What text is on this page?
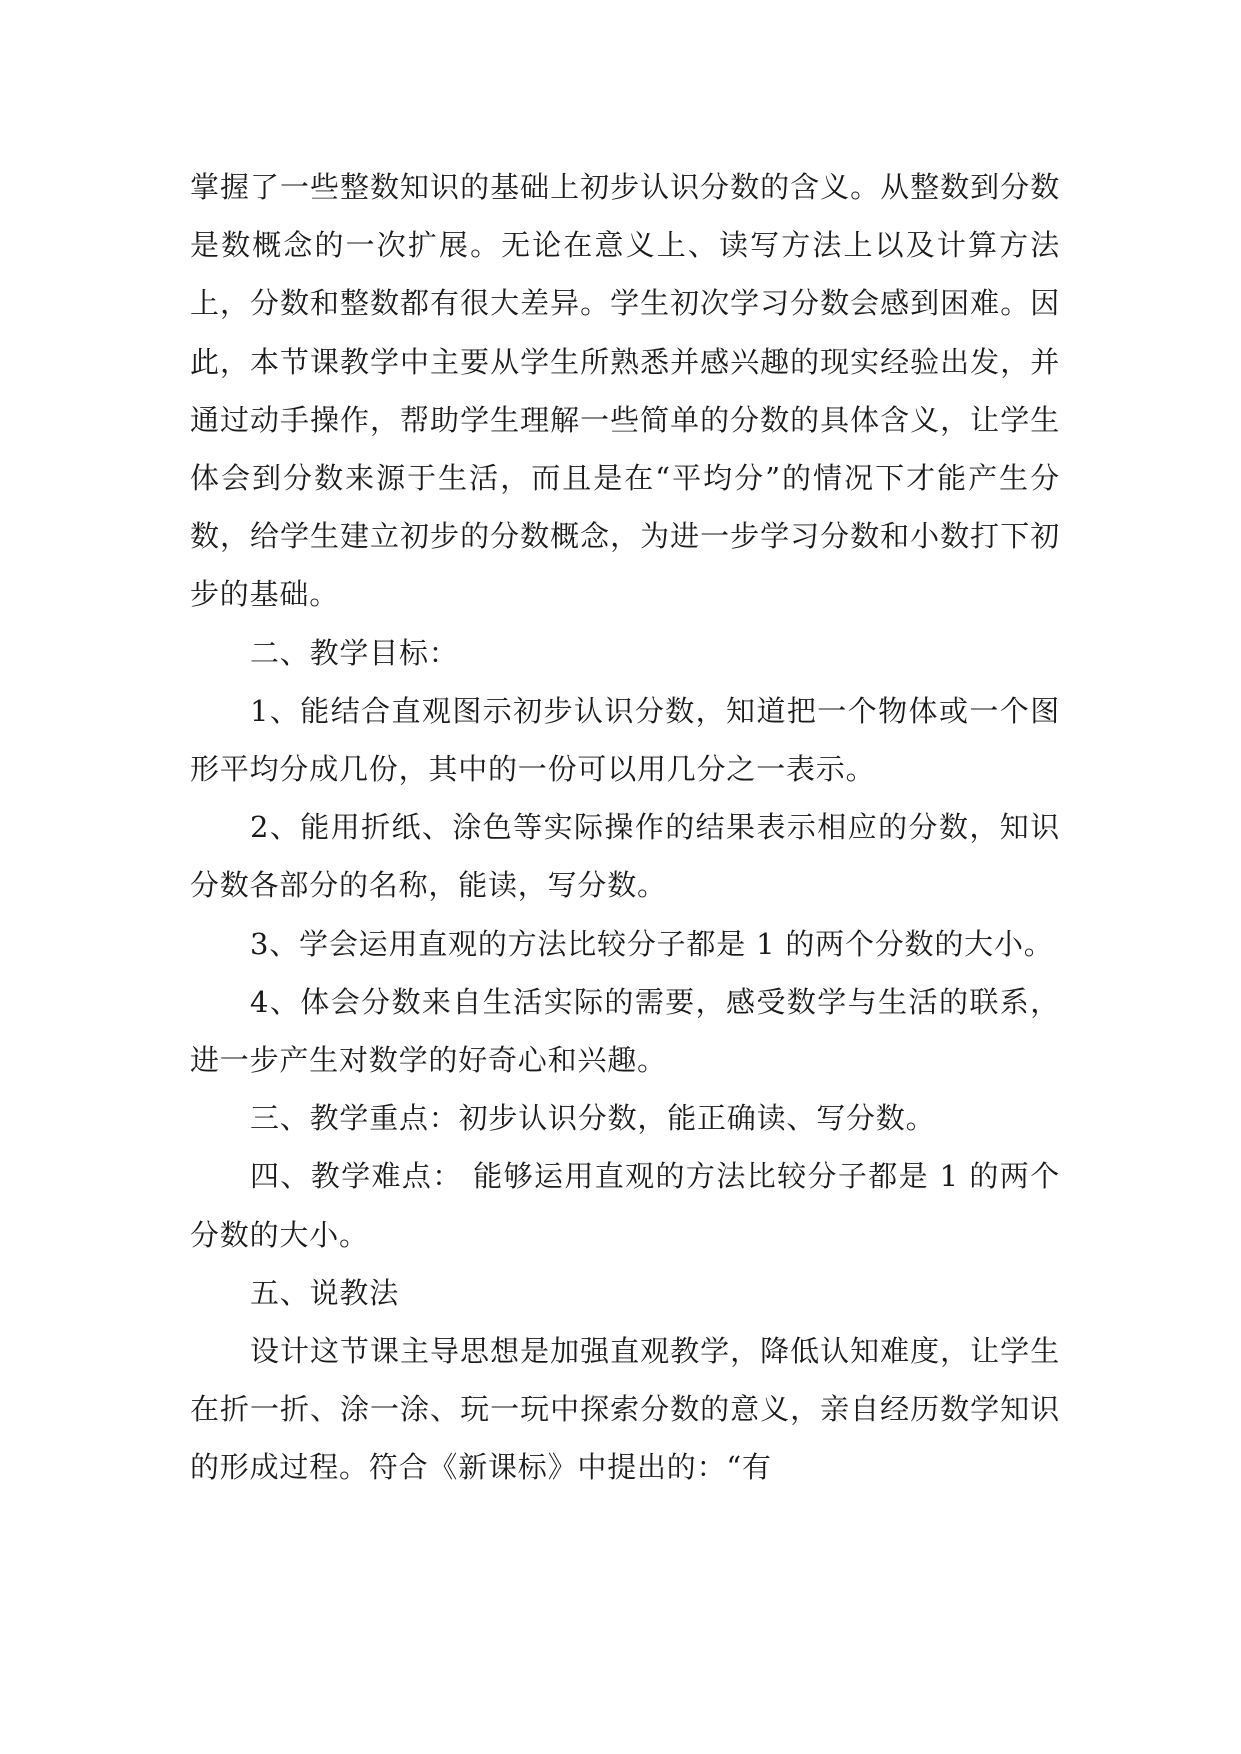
掌握了一些整数知识的基础上初步认识分数的含义。从整数到分数是数概念的一次扩展。无论在意义上、读写方法上以及计算方法上，分数和整数都有很大差异。学生初次学习分数会感到困难。因此，本节课教学中主要从学生所熟悉并感兴趣的现实经验出发，并通过动手操作，帮助学生理解一些简单的分数的具体含义，让学生体会到分数来源于生活，而且是在“平均分”的情况下才能产生分数，给学生建立初步的分数概念，为进一步学习分数和小数打下初步的基础。

二、教学目标：

1、能结合直观图示初步认识分数，知道把一个物体或一个图形平均分成几份，其中的一份可以用几分之一表示。

2、能用折纸、涂色等实际操作的结果表示相应的分数，知识分数各部分的名称，能读，写分数。

3、学会运用直观的方法比较分子都是 1 的两个分数的大小。

4、体会分数来自生活实际的需要，感受数学与生活的联系，进一步产生对数学的好奇心和兴趣。

三、教学重点：初步认识分数，能正确读、写分数。

四、教学难点： 能够运用直观的方法比较分子都是 1 的两个分数的大小。

五、说教法

设计这节课主导思想是加强直观教学，降低认知难度，让学生在折一折、涂一涂、玩一玩中探索分数的意义，亲自经历数学知识的形成过程。符合《新课标》中提出的：“有
